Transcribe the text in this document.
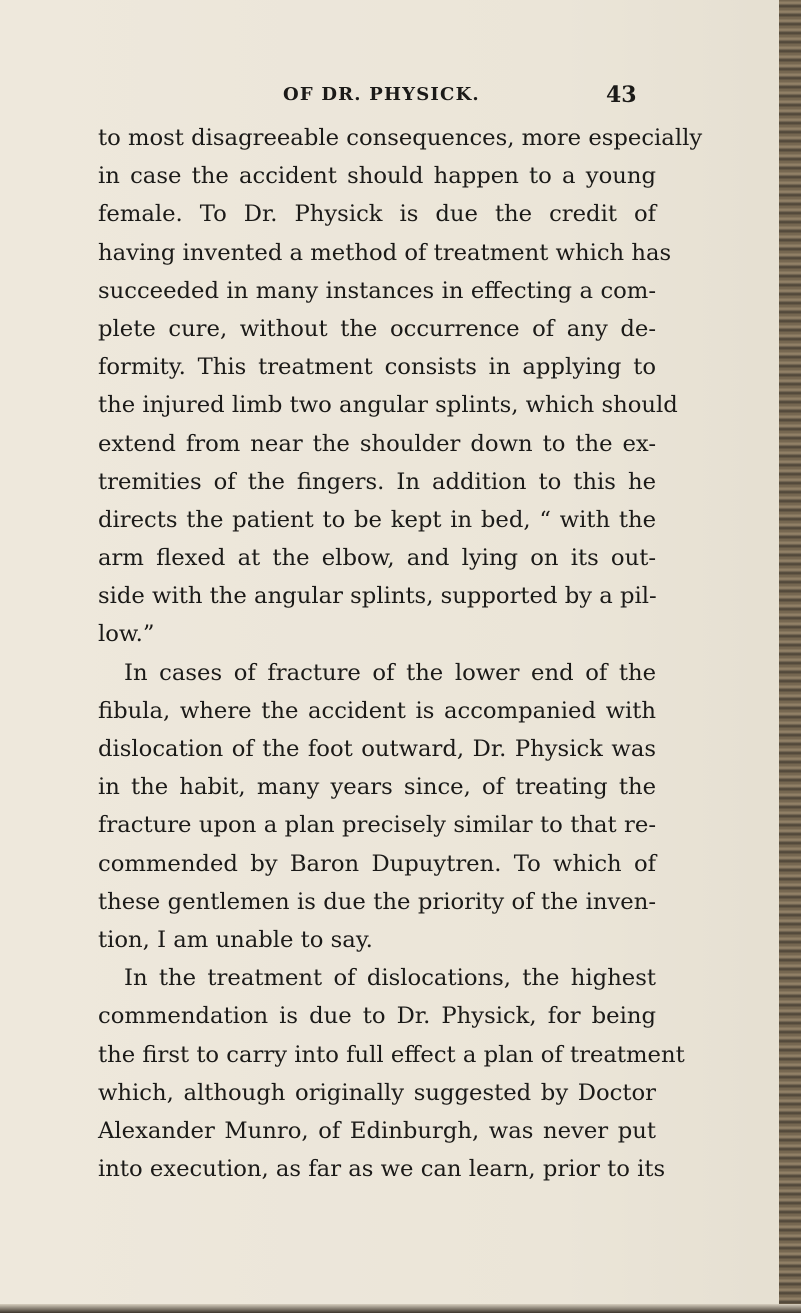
OF DR. PHYSICK.	43
to most disagreeable consequences, more especially
in case the accident should happen to a young
female. To Dr. Physick is due the credit of
having invented a method of treatment which has
succeeded in many instances in effecting a com-
plete cure, without the occurrence of any de-
formity. This treatment consists in applying to
the injured limb two angular splints, which should
extend from near the shoulder down to the ex-
tremities of the fingers. In addition to this he
directs the patient to be kept in bed, “ with the
arm flexed at the elbow, and lying on its out-
side with the angular splints, supported by a pil-
low.”
In cases of fracture of the lower end of the
fibula, where the accident is accompanied with
dislocation of the foot outward, Dr. Physick was
in the habit, many years since, of treating the
fracture upon a plan precisely similar to that re-
commended by Baron Dupuytren. To which of
these gentlemen is due the priority of the inven-
tion, I am unable to say.
In the treatment of dislocations, the highest
commendation is due to Dr. Physick, for being
the first to carry into full effect a plan of treatment
which, although originally suggested by Doctor
Alexander Munro, of Edinburgh, was never put
into execution, as far as we can learn, prior to its
